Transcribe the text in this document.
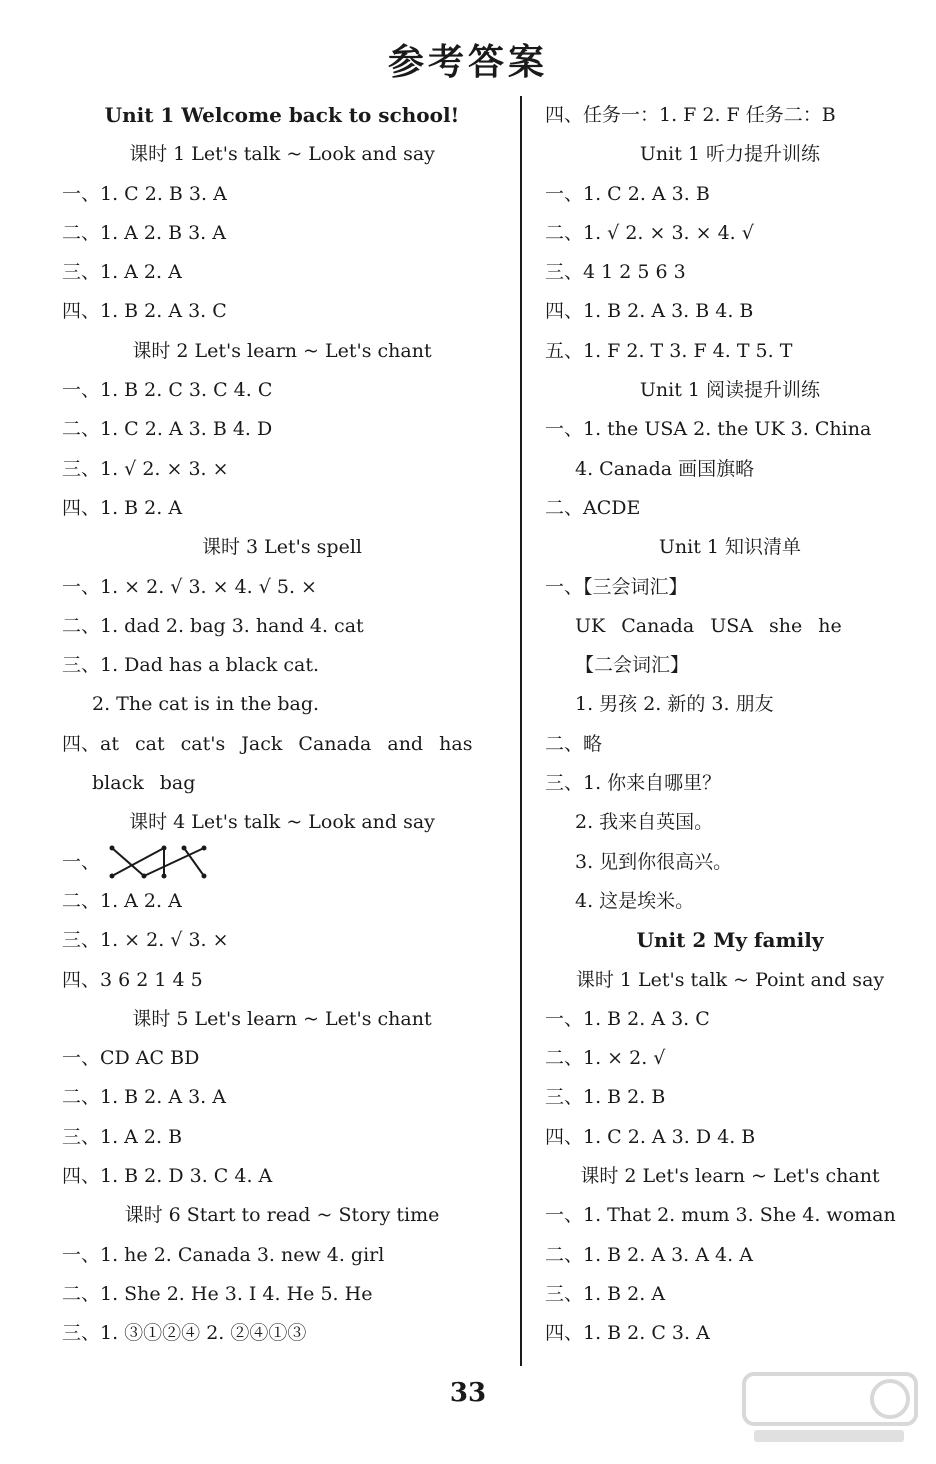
参考答案
Unit 1 Welcome back to school!
课时 1 Let's talk ~ Look and say
一、1. C 2. B 3. A
二、1. A 2. B 3. A
三、1. A 2. A
四、1. B 2. A 3. C
课时 2 Let's learn ~ Let's chant
一、1. B 2. C 3. C 4. C
二、1. C 2. A 3. B 4. D
三、1. √ 2. × 3. ×
四、1. B 2. A
课时 3 Let's spell
一、1. × 2. √ 3. × 4. √ 5. ×
二、1. dad 2. bag 3. hand 4. cat
三、1. Dad has a black cat.
2. The cat is in the bag.
四、at cat cat's Jack Canada and has
black bag
课时 4 Let's talk ~ Look and say
一、
二、1. A 2. A
三、1. × 2. √ 3. ×
四、3 6 2 1 4 5
课时 5 Let's learn ~ Let's chant
一、CD AC BD
二、1. B 2. A 3. A
三、1. A 2. B
四、1. B 2. D 3. C 4. A
课时 6 Start to read ~ Story time
一、1. he 2. Canada 3. new 4. girl
二、1. She 2. He 3. I 4. He 5. He
三、1. ③①②④ 2. ②④①③
四、任务一：1. F 2. F 任务二：B
Unit 1 听力提升训练
一、1. C 2. A 3. B
二、1. √ 2. × 3. × 4. √
三、4 1 2 5 6 3
四、1. B 2. A 3. B 4. B
五、1. F 2. T 3. F 4. T 5. T
Unit 1 阅读提升训练
一、1. the USA 2. the UK 3. China
4. Canada 画国旗略
二、ACDE
Unit 1 知识清单
一、【三会词汇】
UK Canada USA she he
【二会词汇】
1. 男孩 2. 新的 3. 朋友
二、略
三、1. 你来自哪里？
2. 我来自英国。
3. 见到你很高兴。
4. 这是埃米。
Unit 2 My family
课时 1 Let's talk ~ Point and say
一、1. B 2. A 3. C
二、1. × 2. √
三、1. B 2. B
四、1. C 2. A 3. D 4. B
课时 2 Let's learn ~ Let's chant
一、1. That 2. mum 3. She 4. woman
二、1. B 2. A 3. A 4. A
三、1. B 2. A
四、1. B 2. C 3. A
33
